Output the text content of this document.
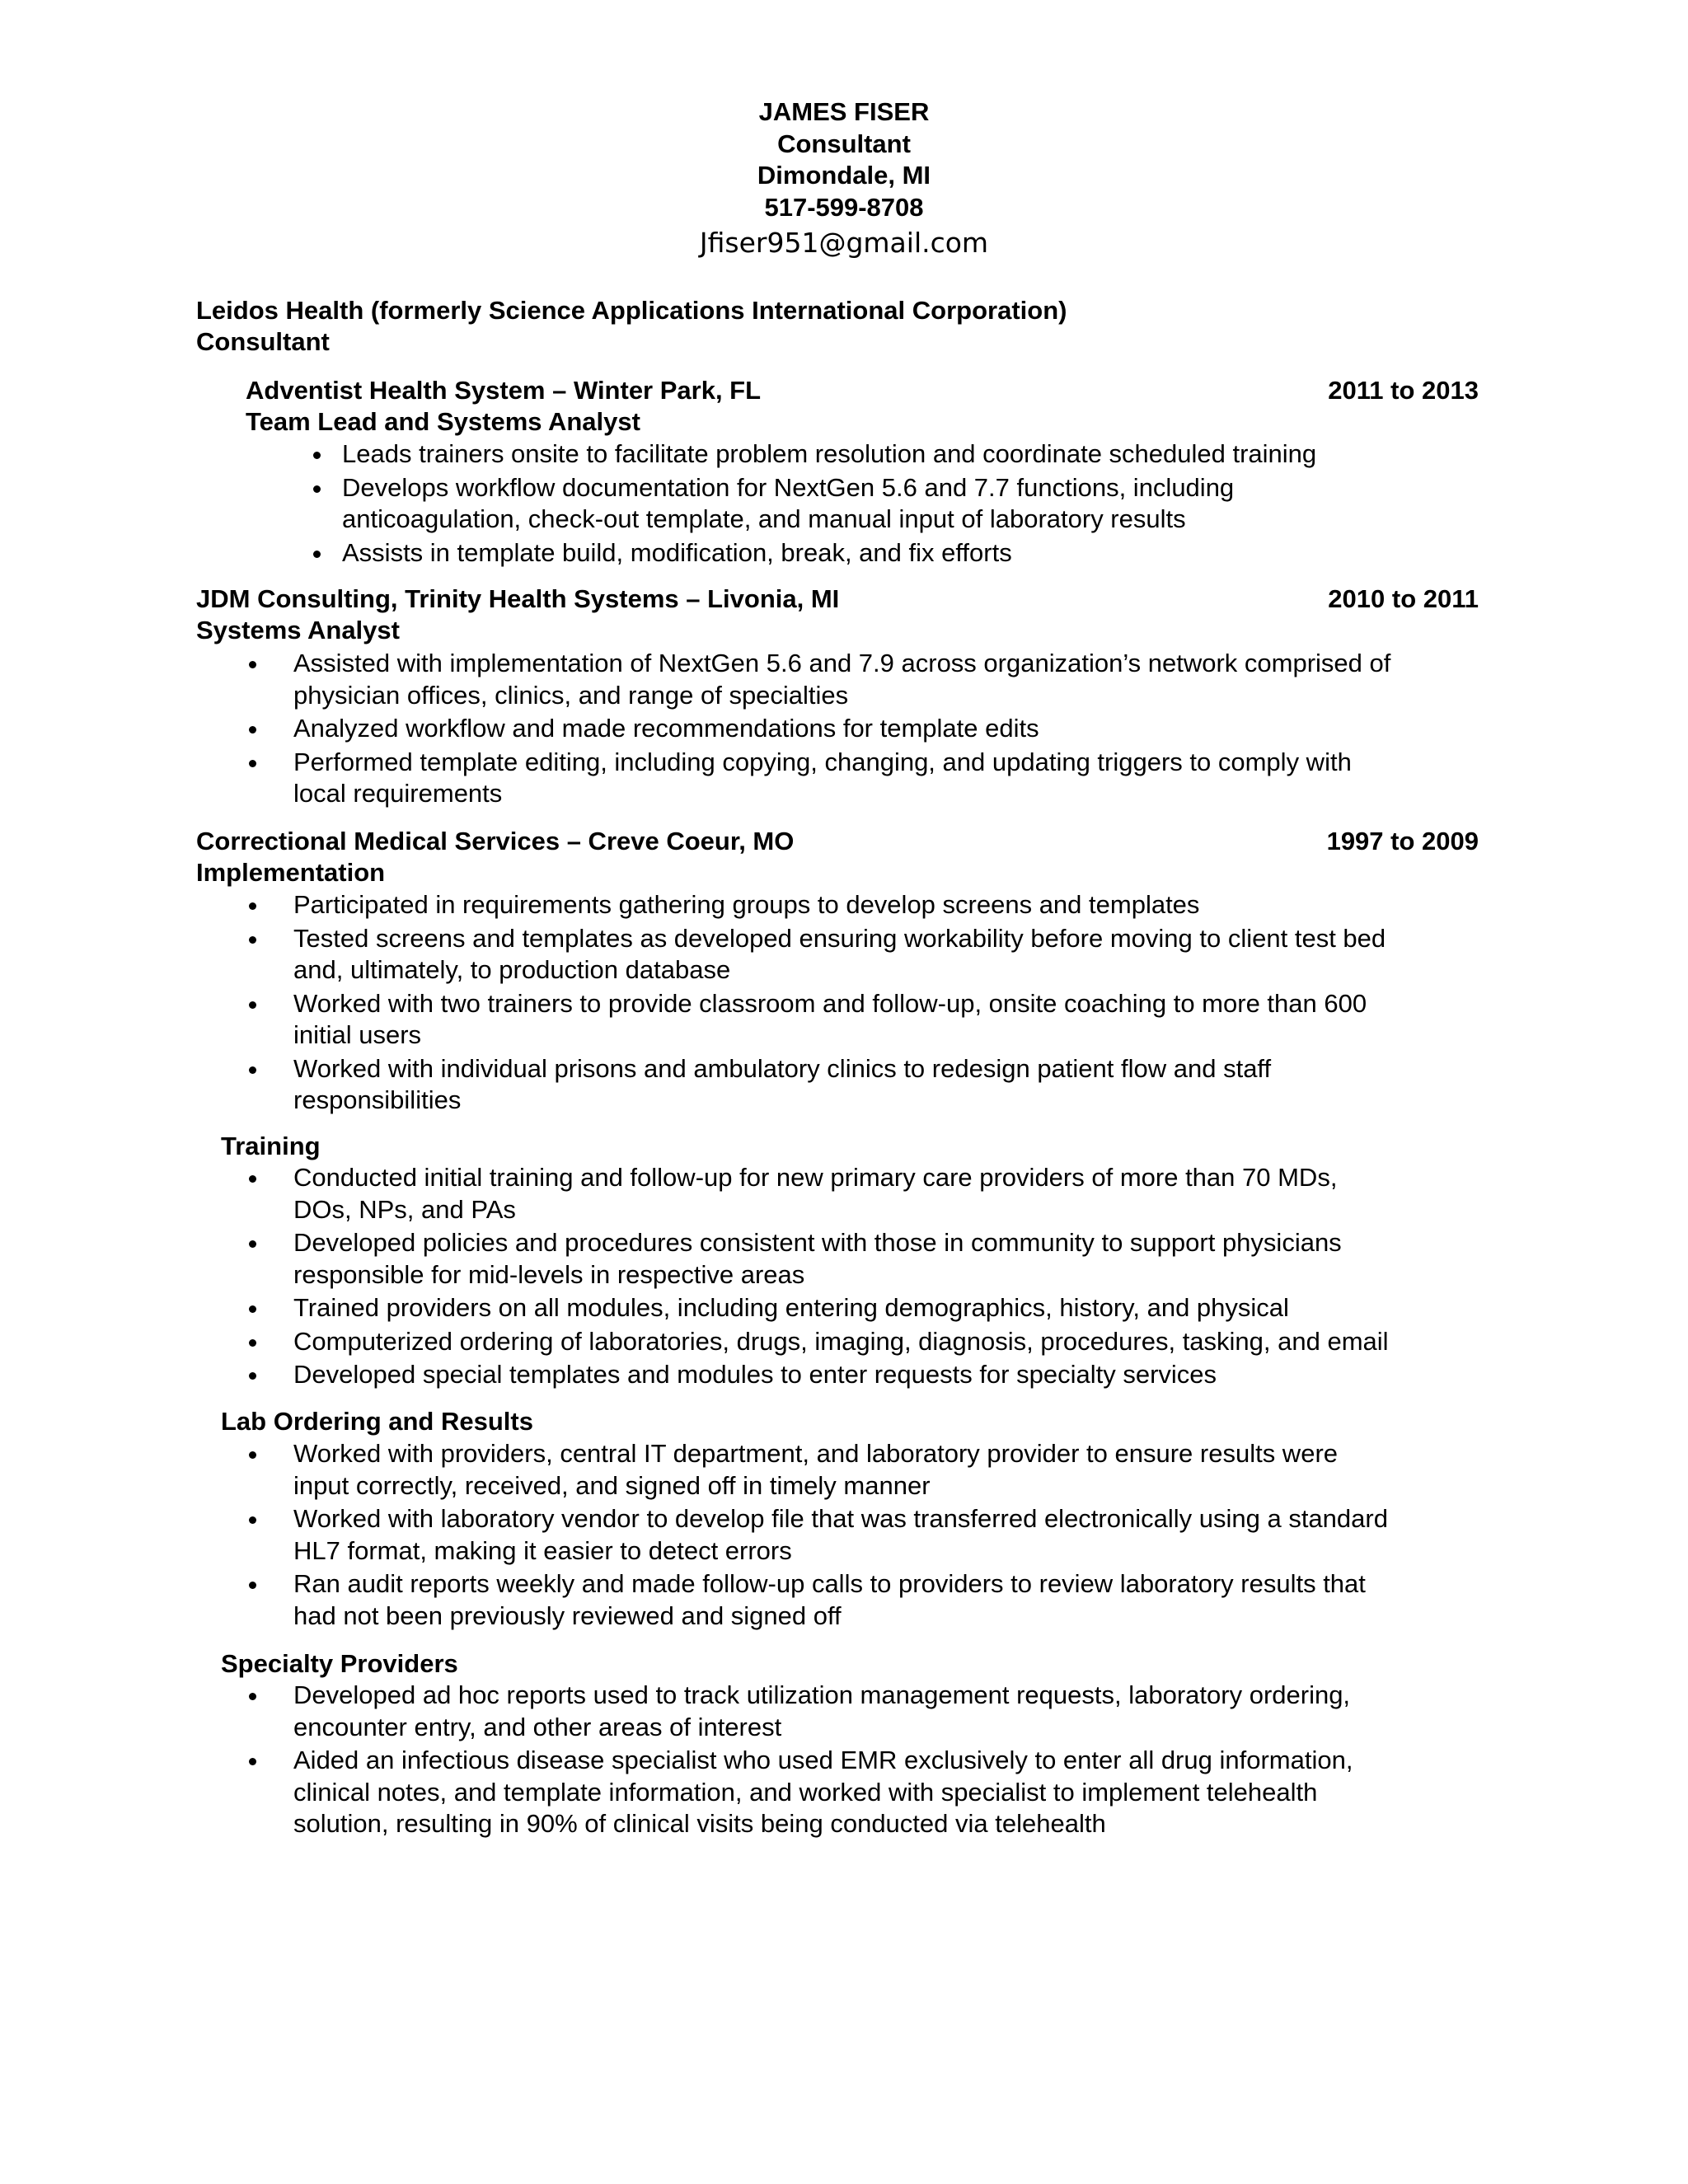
JAMES FISER
Consultant
Dimondale, MI
517-599-8708
Jfiser951@gmail.com
Leidos Health (formerly Science Applications International Corporation)
Consultant
Adventist Health System – Winter Park, FL	2011 to 2013
Team Lead and Systems Analyst
Leads trainers onsite to facilitate problem resolution and coordinate scheduled training
Develops workflow documentation for NextGen 5.6 and 7.7 functions, including
anticoagulation, check-out template, and manual input of laboratory results
Assists in template build, modification, break, and fix efforts
JDM Consulting, Trinity Health Systems – Livonia, MI	2010 to 2011
Systems Analyst
Assisted with implementation of NextGen 5.6 and 7.9 across organization’s network comprised of
physician offices, clinics, and range of specialties
Analyzed workflow and made recommendations for template edits
Performed template editing, including copying, changing, and updating triggers to comply with
local requirements
Correctional Medical Services – Creve Coeur, MO	1997 to 2009
Implementation
Participated in requirements gathering groups to develop screens and templates
Tested screens and templates as developed ensuring workability before moving to client test bed
and, ultimately, to production database
Worked with two trainers to provide classroom and follow-up, onsite coaching to more than 600
initial users
Worked with individual prisons and ambulatory clinics to redesign patient flow and staff
responsibilities
Training
Conducted initial training and follow-up for new primary care providers of more than 70 MDs,
DOs, NPs, and PAs
Developed policies and procedures consistent with those in community to support physicians
responsible for mid-levels in respective areas
Trained providers on all modules, including entering demographics, history, and physical
Computerized ordering of laboratories, drugs, imaging, diagnosis, procedures, tasking, and email
Developed special templates and modules to enter requests for specialty services
Lab Ordering and Results
Worked with providers, central IT department, and laboratory provider to ensure results were
input correctly, received, and signed off in timely manner
Worked with laboratory vendor to develop file that was transferred electronically using a standard
HL7 format, making it easier to detect errors
Ran audit reports weekly and made follow-up calls to providers to review laboratory results that
had not been previously reviewed and signed off
Specialty Providers
Developed ad hoc reports used to track utilization management requests, laboratory ordering,
encounter entry, and other areas of interest
Aided an infectious disease specialist who used EMR exclusively to enter all drug information,
clinical notes, and template information, and worked with specialist to implement telehealth
solution, resulting in 90% of clinical visits being conducted via telehealth
